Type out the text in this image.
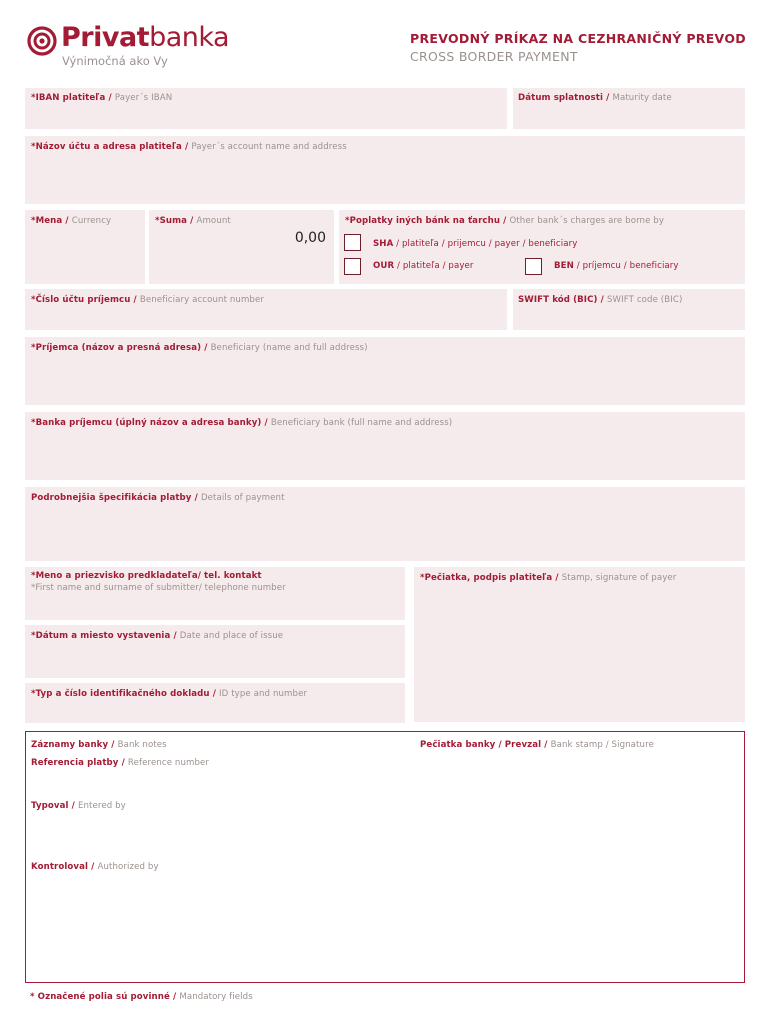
Privatbanka
Výnimočná ako Vy
PREVODNÝ PRÍKAZ NA CEZHRANIČNÝ PREVOD
CROSS BORDER PAYMENT
*IBAN platiteľa / Payer´s IBAN	Dátum splatnosti / Maturity date
*Názov účtu a adresa platiteľa / Payer´s account name and address
*Mena / Currency	*Suma / Amount
0,00
*Poplatky iných bánk na ťarchu / Other bank´s charges are borne by
SHA / platiteľa / prijemcu / payer / beneficiary
OUR / platiteľa / payer	BEN / príjemcu / beneficiary
*Číslo účtu príjemcu / Beneficiary account number	SWIFT kód (BIC) / SWIFT code (BIC)
*Príjemca (názov a presná adresa) / Beneficiary (name and full address)
*Banka príjemcu (úplný názov a adresa banky) / Beneficiary bank (full name and address)
Podrobnejšia špecifikácia platby / Details of payment
*Meno a priezvisko predkladateľa/ tel. kontakt
*First name and surname of submitter/ telephone number
*Pečiatka, podpis platiteľa / Stamp, signature of payer
*Dátum a miesto vystavenia / Date and place of issue
*Typ a číslo identifikačného dokladu / ID type and number
Záznamy banky / Bank notes	Pečiatka banky / Prevzal / Bank stamp / Signature
Referencia platby / Reference number
Typoval / Entered by
Kontroloval / Authorized by
* Označené polia sú povinné / Mandatory fields
